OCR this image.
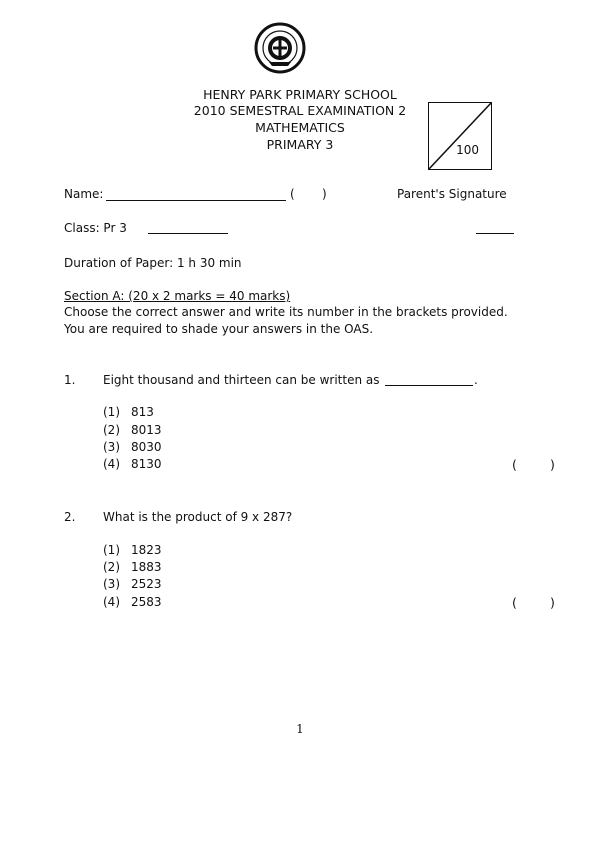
HENRY PARK PRIMARY SCHOOL
2010 SEMESTRAL EXAMINATION 2
MATHEMATICS
PRIMARY 3	100
Name:	( )	Parent's Signature
Class: Pr 3
Duration of Paper: 1 h 30 min
Section A: (20 x 2 marks = 40 marks)
Choose the correct answer and write its number in the brackets provided.
You are required to shade your answers in the OAS.
1. Eight thousand and thirteen can be written as	.
(1) 813
(2) 8013
(3) 8030
(4) 8130	(	)
2. What is the product of 9 x 287?
(1) 1823
(2) 1883
(3) 2523
(4) 2583	(	)
1
